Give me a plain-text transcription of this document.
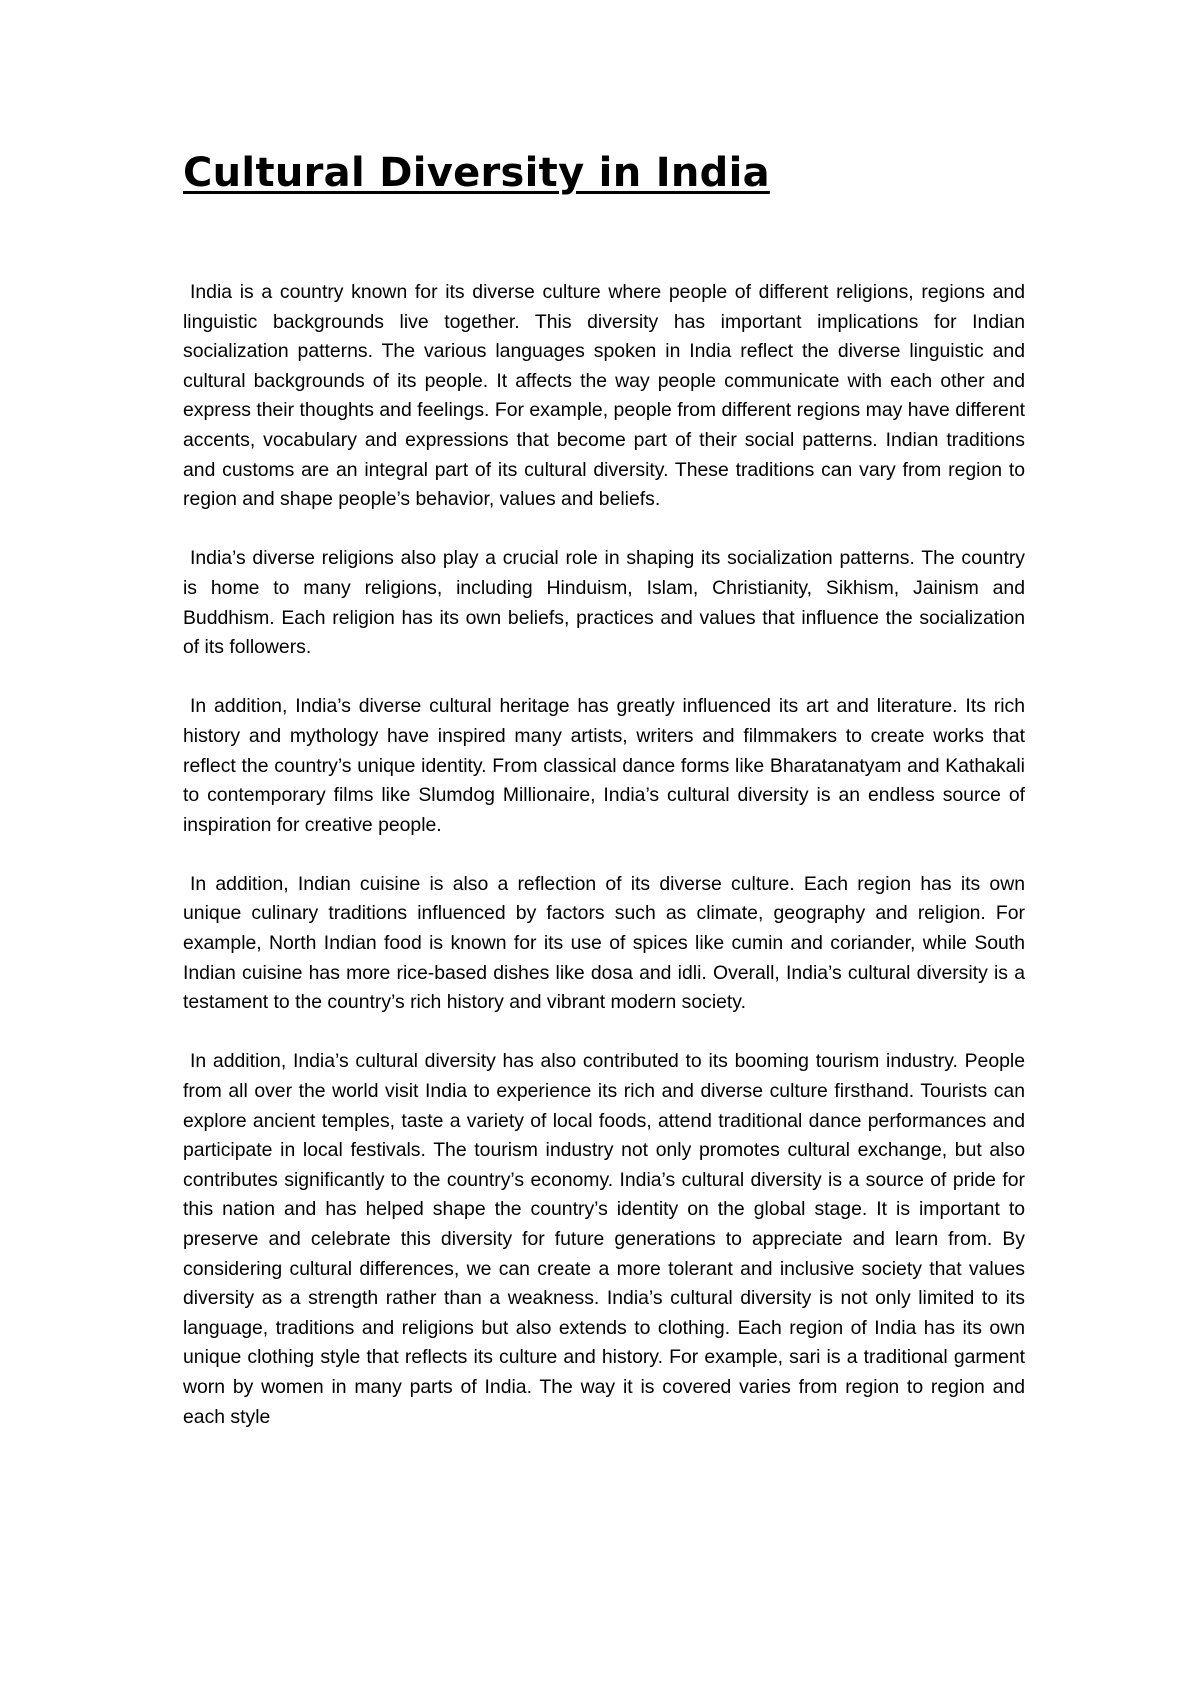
Cultural Diversity in India

India is a country known for its diverse culture where people of different religions, regions and linguistic backgrounds live together. This diversity has important implications for Indian socialization patterns. The various languages spoken in India reflect the diverse linguistic and cultural backgrounds of its people. It affects the way people communicate with each other and express their thoughts and feelings. For example, people from different regions may have different accents, vocabulary and expressions that become part of their social patterns. Indian traditions and customs are an integral part of its cultural diversity. These traditions can vary from region to region and shape people’s behavior, values and beliefs.

India’s diverse religions also play a crucial role in shaping its socialization patterns. The country is home to many religions, including Hinduism, Islam, Christianity, Sikhism, Jainism and Buddhism. Each religion has its own beliefs, practices and values that influence the socialization of its followers.

In addition, India’s diverse cultural heritage has greatly influenced its art and literature. Its rich history and mythology have inspired many artists, writers and filmmakers to create works that reflect the country’s unique identity. From classical dance forms like Bharatanatyam and Kathakali to contemporary films like Slumdog Millionaire, India’s cultural diversity is an endless source of inspiration for creative people.

In addition, Indian cuisine is also a reflection of its diverse culture. Each region has its own unique culinary traditions influenced by factors such as climate, geography and religion. For example, North Indian food is known for its use of spices like cumin and coriander, while South Indian cuisine has more rice-based dishes like dosa and idli. Overall, India’s cultural diversity is a testament to the country’s rich history and vibrant modern society.

In addition, India’s cultural diversity has also contributed to its booming tourism industry. People from all over the world visit India to experience its rich and diverse culture firsthand. Tourists can explore ancient temples, taste a variety of local foods, attend traditional dance performances and participate in local festivals. The tourism industry not only promotes cultural exchange, but also contributes significantly to the country’s economy. India’s cultural diversity is a source of pride for this nation and has helped shape the country’s identity on the global stage. It is important to preserve and celebrate this diversity for future generations to appreciate and learn from. By considering cultural differences, we can create a more tolerant and inclusive society that values diversity as a strength rather than a weakness. India’s cultural diversity is not only limited to its language, traditions and religions but also extends to clothing. Each region of India has its own unique clothing style that reflects its culture and history. For example, sari is a traditional garment worn by women in many parts of India. The way it is covered varies from region to region and each style
